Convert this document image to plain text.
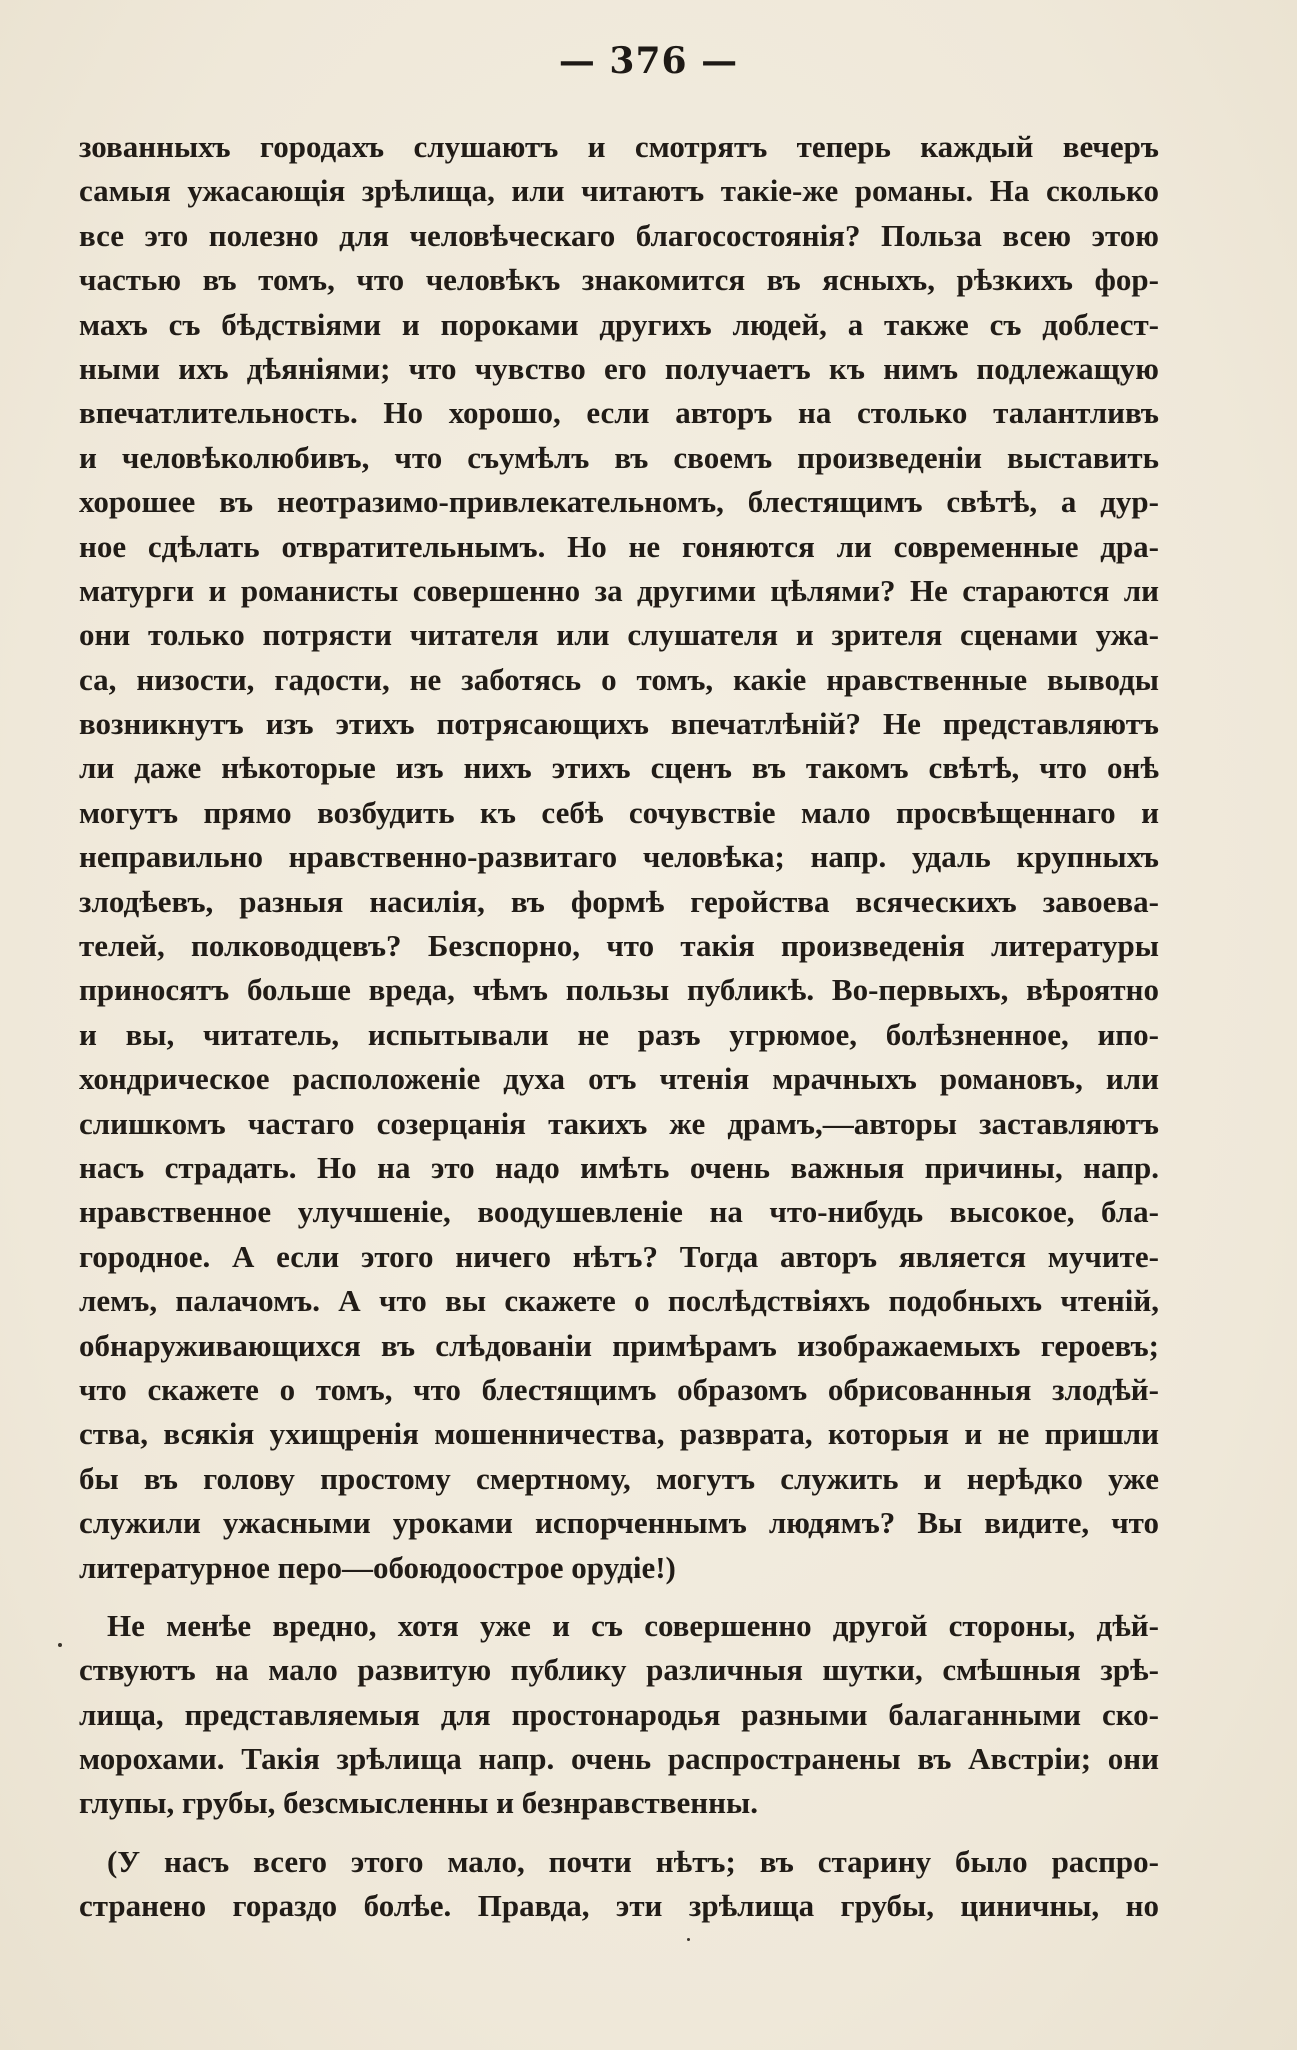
— 376 —
зованныхъ городахъ слушаютъ и смотрятъ теперь каждый вечеръ
самыя ужасающія зрѣлища, или читаютъ такіе-же романы. На сколько
все это полезно для человѣческаго благосостоянія? Польза всею этою
частью въ томъ, что человѣкъ знакомится въ ясныхъ, рѣзкихъ фор-
махъ съ бѣдствіями и пороками другихъ людей, а также съ доблест-
ными ихъ дѣяніями; что чувство его получаетъ къ нимъ подлежащую
впечатлительность. Но хорошо, если авторъ на столько талантливъ
и человѣколюбивъ, что съумѣлъ въ своемъ произведеніи выставить
хорошее въ неотразимо-привлекательномъ, блестящимъ свѣтѣ, а дур-
ное сдѣлать отвратительнымъ. Но не гоняются ли современные дра-
матурги и романисты совершенно за другими цѣлями? Не стараются ли
они только потрясти читателя или слушателя и зрителя сценами ужа-
са, низости, гадости, не заботясь о томъ, какіе нравственные выводы
возникнутъ изъ этихъ потрясающихъ впечатлѣній? Не представляютъ
ли даже нѣкоторые изъ нихъ этихъ сценъ въ такомъ свѣтѣ, что онѣ
могутъ прямо возбудить къ себѣ сочувствіе мало просвѣщеннаго и
неправильно нравственно-развитаго человѣка; напр. удаль крупныхъ
злодѣевъ, разныя насилія, въ формѣ геройства всяческихъ завоева-
телей, полководцевъ? Безспорно, что такія произведенія литературы
приносятъ больше вреда, чѣмъ пользы публикѣ. Во-первыхъ, вѣроятно
и вы, читатель, испытывали не разъ угрюмое, болѣзненное, ипо-
хондрическое расположеніе духа отъ чтенія мрачныхъ романовъ, или
слишкомъ частаго созерцанія такихъ же драмъ,—авторы заставляютъ
насъ страдать. Но на это надо имѣть очень важныя причины, напр.
нравственное улучшеніе, воодушевленіе на что-нибудь высокое, бла-
городное. А если этого ничего нѣтъ? Тогда авторъ является мучите-
лемъ, палачомъ. А что вы скажете о послѣдствіяхъ подобныхъ чтеній,
обнаруживающихся въ слѣдованіи примѣрамъ изображаемыхъ героевъ;
что скажете о томъ, что блестящимъ образомъ обрисованныя злодѣй-
ства, всякія ухищренія мошенничества, разврата, которыя и не пришли
бы въ голову простому смертному, могутъ служить и нерѣдко уже
служили ужасными уроками испорченнымъ людямъ? Вы видите, что
литературное перо—обоюдоострое орудіе!)
Не менѣе вредно, хотя уже и съ совершенно другой стороны, дѣй-
ствуютъ на мало развитую публику различныя шутки, смѣшныя зрѣ-
лища, представляемыя для простонародья разными балаганными ско-
морохами. Такія зрѣлища напр. очень распространены въ Австріи; они
глупы, грубы, безсмысленны и безнравственны.
(У насъ всего этого мало, почти нѣтъ; въ старину было распро-
странено гораздо болѣе. Правда, эти зрѣлища грубы, циничны, но
